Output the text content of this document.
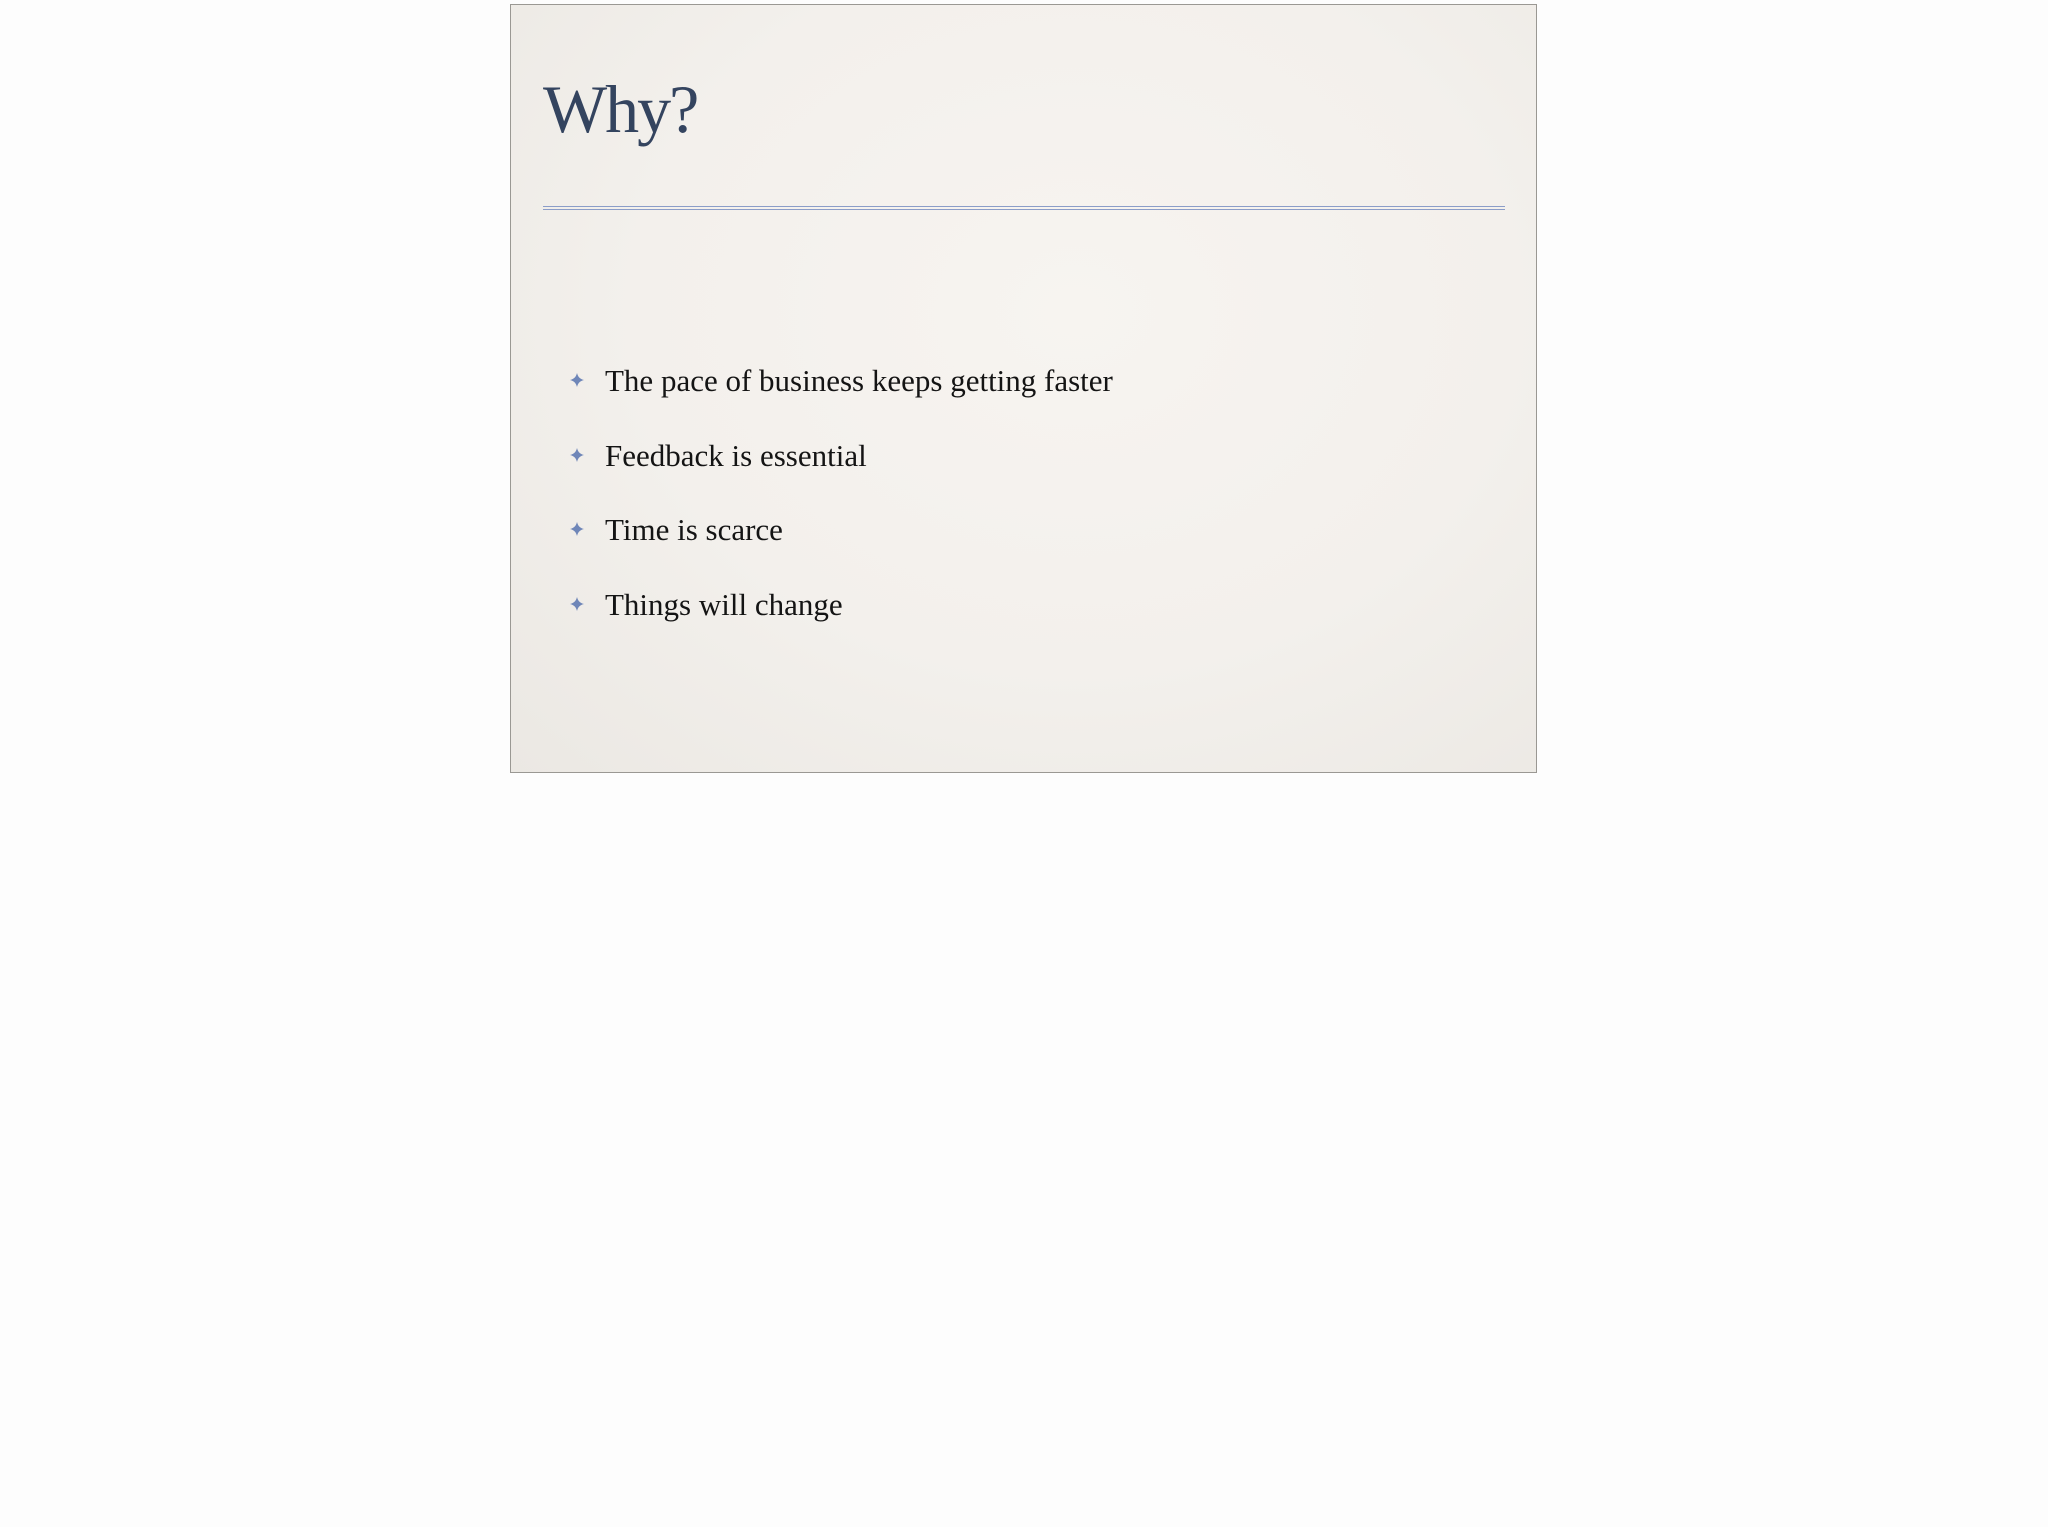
Why?
The pace of business keeps getting faster
Feedback is essential
Time is scarce
Things will change
